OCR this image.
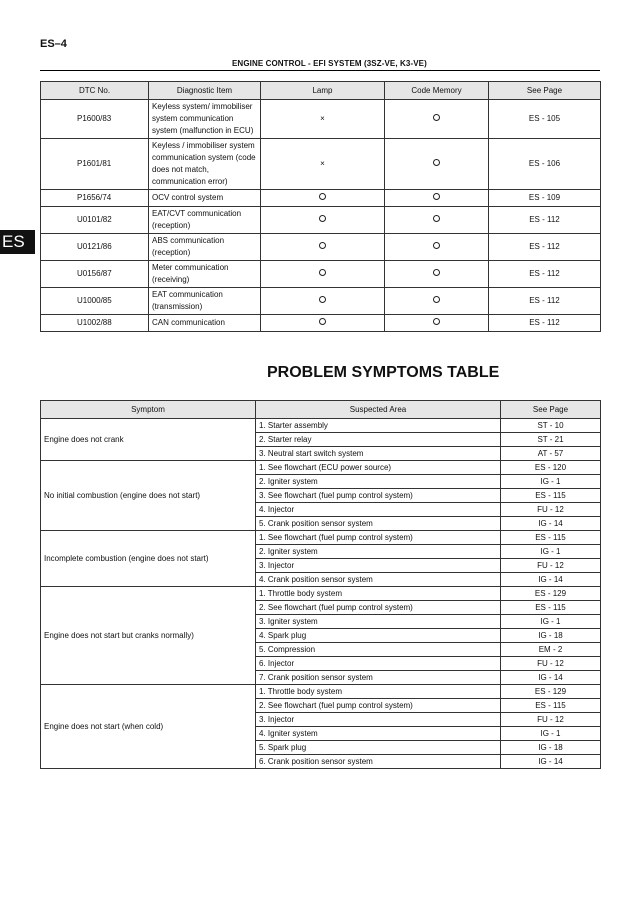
ES–4
ENGINE CONTROL - EFI SYSTEM (3SZ-VE, K3-VE)
ES
DTC No.	Diagnostic Item	Lamp	Code Memory	See Page
P1600/83	Keyless system/ immobiliser system communication system (malfunction in ECU)	×		ES - 105
P1601/81	Keyless / immobiliser system communication system (code does not match, communication error)	×		ES - 106
P1656/74	OCV control system			ES - 109
U0101/82	EAT/CVT communication (reception)			ES - 112
U0121/86	ABS communication (reception)			ES - 112
U0156/87	Meter communication (receiving)			ES - 112
U1000/85	EAT communication (transmission)			ES - 112
U1002/88	CAN communication			ES - 112
PROBLEM SYMPTOMS TABLE
Symptom	Suspected Area	See Page
Engine does not crank	1. Starter assembly	ST - 10
	2. Starter relay	ST - 21
	3. Neutral start switch system	AT - 57
No initial combustion (engine does not start)	1. See flowchart (ECU power source)	ES - 120
	2. Igniter system	IG - 1
	3. See flowchart (fuel pump control system)	ES - 115
	4. Injector	FU - 12
	5. Crank position sensor system	IG - 14
Incomplete combustion (engine does not start)	1. See flowchart (fuel pump control system)	ES - 115
	2. Igniter system	IG - 1
	3. Injector	FU - 12
	4. Crank position sensor system	IG - 14
Engine does not start but cranks normally)	1. Throttle body system	ES - 129
	2. See flowchart (fuel pump control system)	ES - 115
	3. Igniter system	IG - 1
	4. Spark plug	IG - 18
	5. Compression	EM - 2
	6. Injector	FU - 12
	7. Crank position sensor system	IG - 14
Engine does not start (when cold)	1. Throttle body system	ES - 129
	2. See flowchart (fuel pump control system)	ES - 115
	3. Injector	FU - 12
	4. Igniter system	IG - 1
	5. Spark plug	IG - 18
	6. Crank position sensor system	IG - 14
